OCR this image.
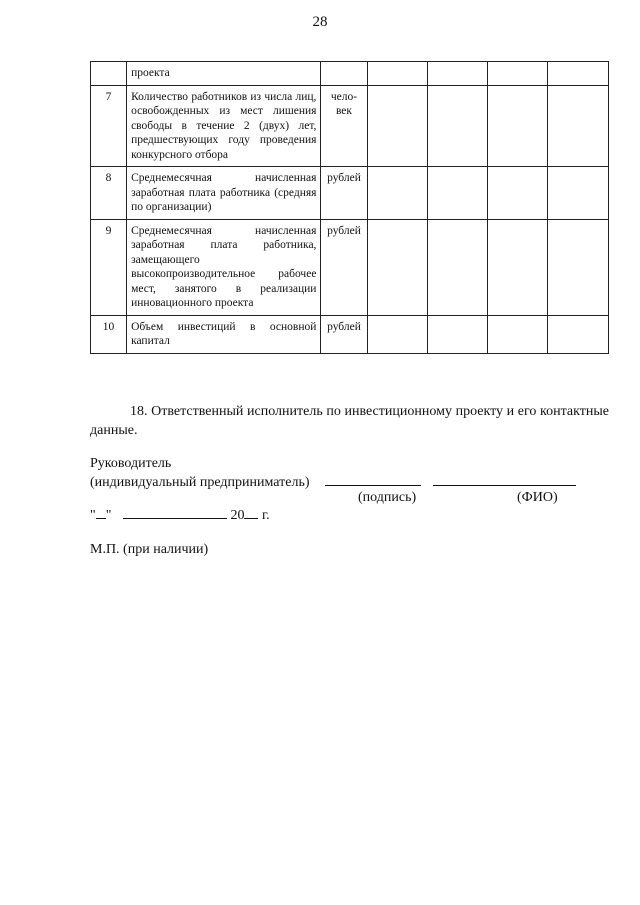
28
	проекта					
7	Количество работников из числа лиц, освобожденных из мест лишения свободы в течение 2 (двух) лет, предшествующих году проведения конкурсного отбора	чело-
век				
8	Среднемесячная начисленная заработная плата работника (средняя по организации)	рублей				
9	Среднемесячная начисленная заработная плата работника, замещающего высокопроизводительное рабочее мест, занятого в реализации инновационного проекта	рублей				
10	Объем инвестиций в основной капитал	рублей				
18. Ответственный исполнитель по инвестиционному проекту и его контактные данные.
Руководитель
(индивидуальный предприниматель)
(подпись)	(ФИО)
" "	20 г.
М.П. (при наличии)
